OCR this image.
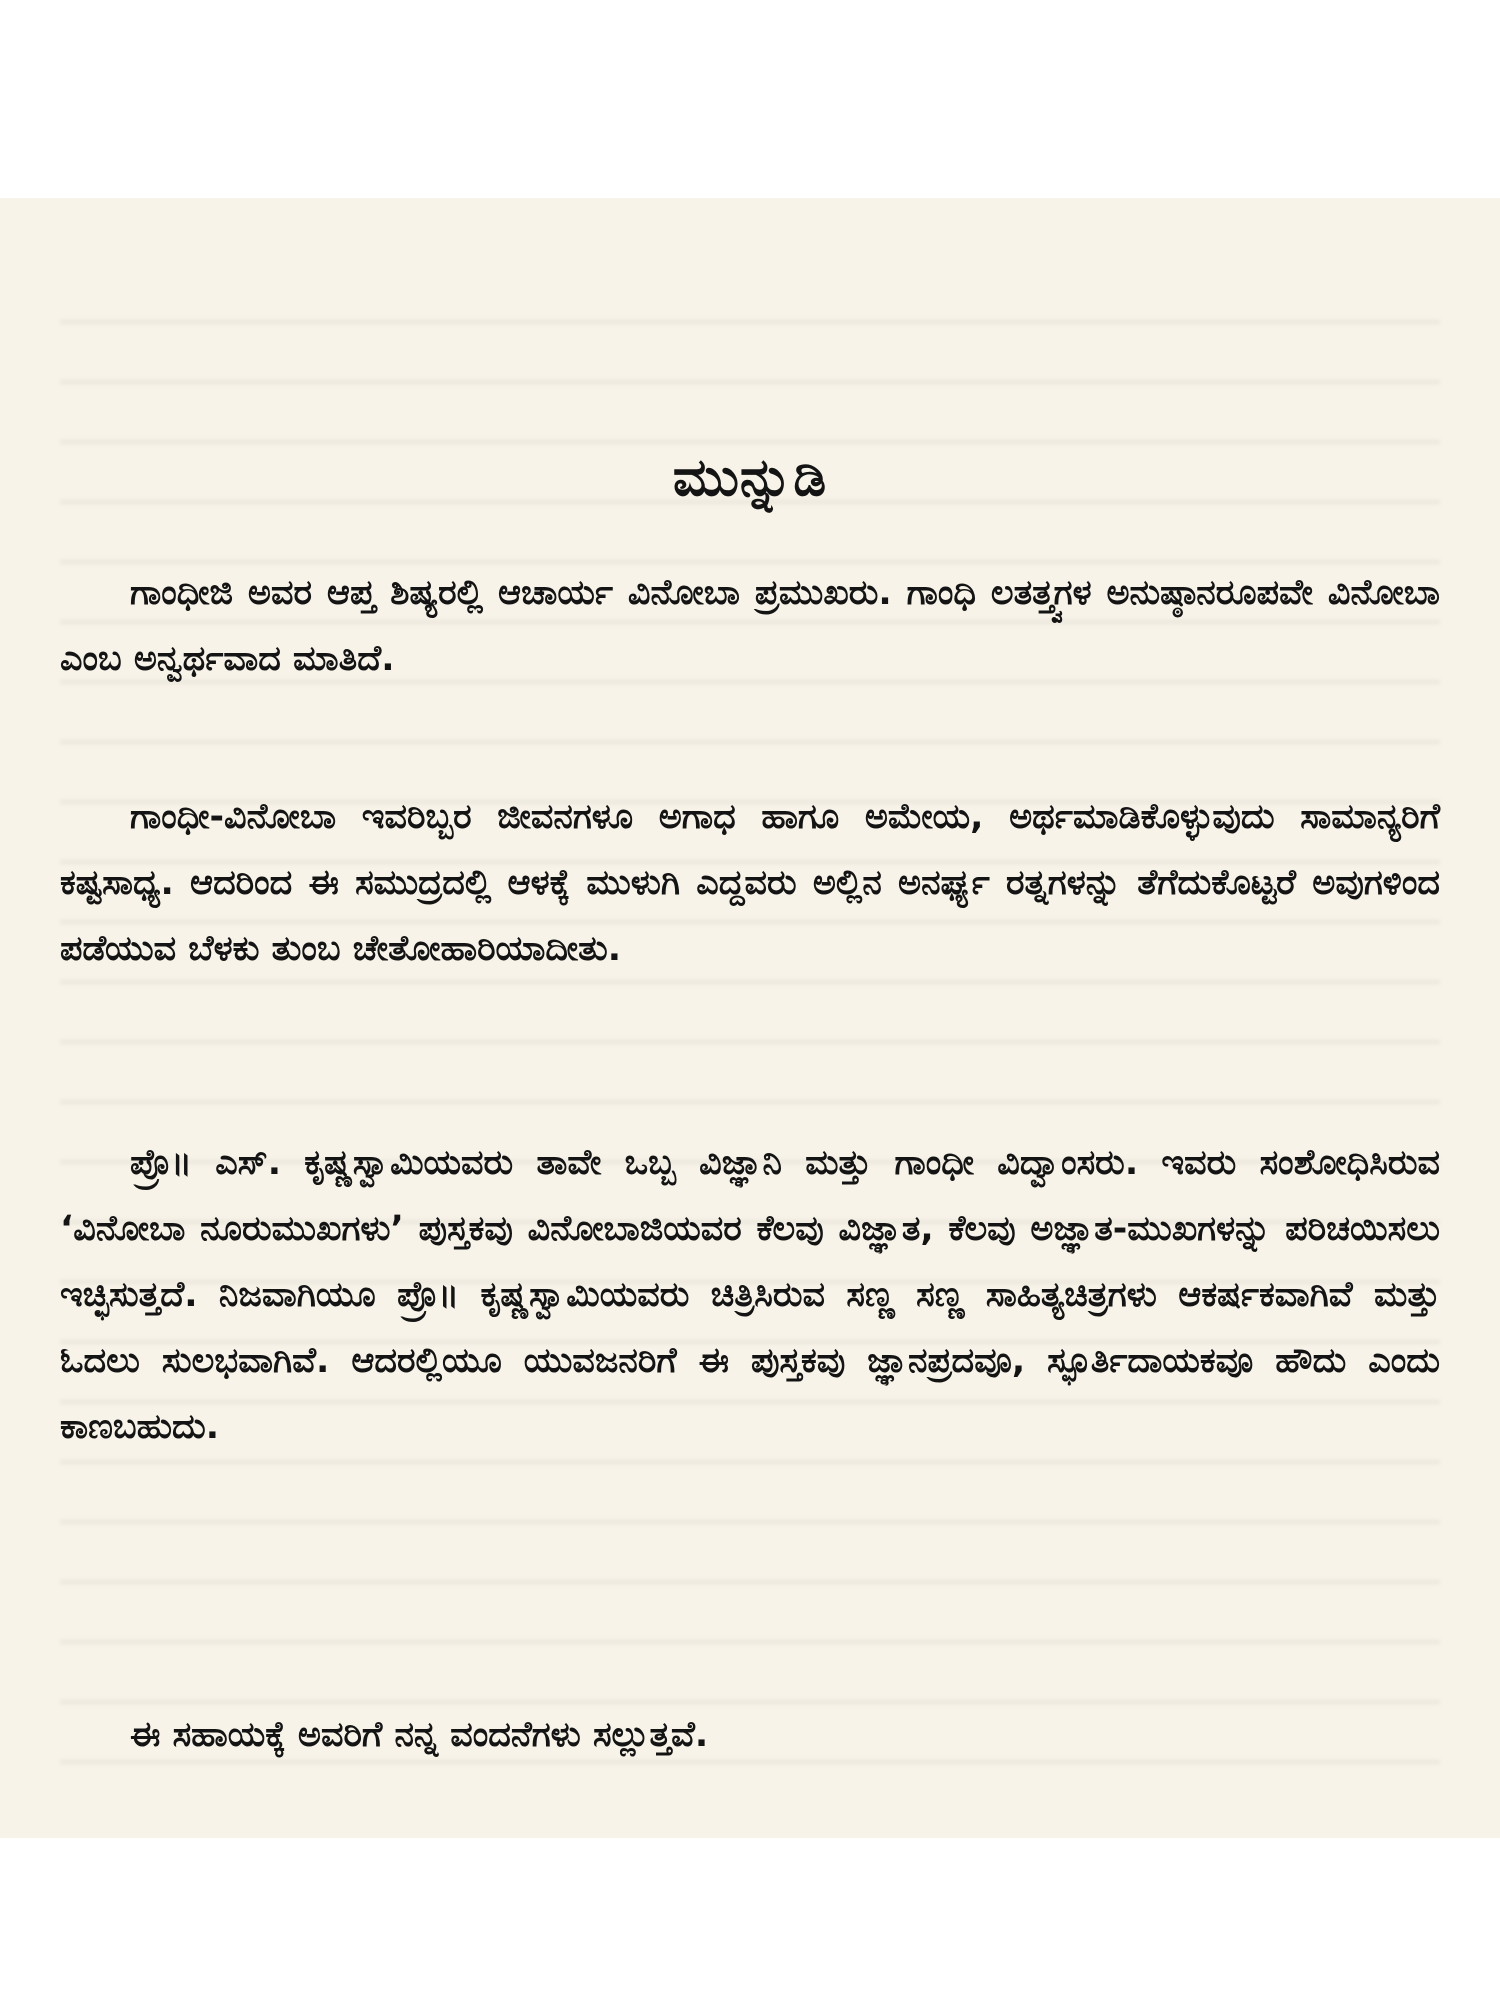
ಮುನ್ನುಡಿ

ಗಾಂಧೀಜಿ ಅವರ ಆಪ್ತ ಶಿಷ್ಯರಲ್ಲಿ ಆಚಾರ್ಯ ವಿನೋಬಾ ಪ್ರಮುಖರು. ಗಾಂಧಿ ಲತತ್ತ್ವಗಳ ಅನುಷ್ಠಾನರೂಪವೇ ವಿನೋಬಾ ಎಂಬ ಅನ್ವರ್ಥವಾದ ಮಾತಿದೆ.

ಗಾಂಧೀ-ವಿನೋಬಾ ಇವರಿಬ್ಬರ ಜೀವನಗಳೂ ಅಗಾಧ ಹಾಗೂ ಅಮೇಯ, ಅರ್ಥಮಾಡಿಕೊಳ್ಳುವುದು ಸಾಮಾನ್ಯರಿಗೆ ಕಷ್ಟಸಾಧ್ಯ. ಆದರಿಂದ ಈ ಸಮುದ್ರದಲ್ಲಿ ಆಳಕ್ಕೆ ಮುಳುಗಿ ಎದ್ದವರು ಅಲ್ಲಿನ ಅನರ್ಘ್ಯ ರತ್ನಗಳನ್ನು ತೆಗೆದುಕೊಟ್ಟರೆ ಅವುಗಳಿಂದ ಪಡೆಯುವ ಬೆಳಕು ತುಂಬ ಚೇತೋಹಾರಿಯಾದೀತು.

ಪ್ರೊ॥ ಎಸ್. ಕೃಷ್ಣಸ್ವಾಮಿಯವರು ತಾವೇ ಒಬ್ಬ ವಿಜ್ಞಾನಿ ಮತ್ತು ಗಾಂಧೀ ವಿದ್ವಾಂಸರು. ಇವರು ಸಂಶೋಧಿಸಿರುವ ‘ವಿನೋಬಾ ನೂರುಮುಖಗಳು’ ಪುಸ್ತಕವು ವಿನೋಬಾಜಿಯವರ ಕೆಲವು ವಿಜ್ಞಾತ, ಕೆಲವು ಅಜ್ಞಾತ-ಮುಖಗಳನ್ನು ಪರಿಚಯಿಸಲು ಇಚ್ಛಿಸುತ್ತದೆ. ನಿಜವಾಗಿಯೂ ಪ್ರೊ॥ ಕೃಷ್ಣಸ್ವಾಮಿಯವರು ಚಿತ್ರಿಸಿರುವ ಸಣ್ಣ ಸಣ್ಣ ಸಾಹಿತ್ಯಚಿತ್ರಗಳು ಆಕರ್ಷಕವಾಗಿವೆ ಮತ್ತು ಓದಲು ಸುಲಭವಾಗಿವೆ. ಆದರಲ್ಲಿಯೂ ಯುವಜನರಿಗೆ ಈ ಪುಸ್ತಕವು ಜ್ಞಾನಪ್ರದವೂ, ಸ್ಫೂರ್ತಿದಾಯಕವೂ ಹೌದು ಎಂದು ಕಾಣಬಹುದು.

ಈ ಸಹಾಯಕ್ಕೆ ಅವರಿಗೆ ನನ್ನ ವಂದನೆಗಳು ಸಲ್ಲುತ್ತವೆ.
